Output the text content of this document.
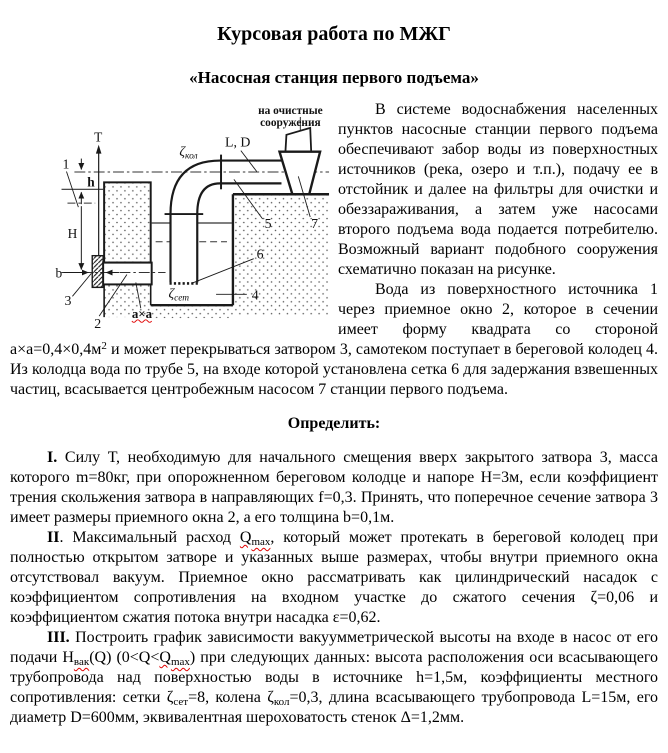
Курсовая работа по МЖГ
«Насосная станция первого подъема»
на очистные
сооружения
T
h
H
b
1
2
3	4
5
6
7
$\zeta_{кол}$
$\zeta_{сет}$
L, D
а×а

В системе водоснабжения населенных пунктов насосные станции первого подъема обеспечивают забор воды из поверхностных источников (река, озеро и т.п.), подачу ее в отстойник и далее на фильтры для очистки и обеззараживания, а затем уже насосами второго подъема вода подается потребителю. Возможный вариант подобного сооружения схематично показан на рисунке.

Вода из поверхностного источника 1 через приемное окно 2, которое в сечении имеет форму квадрата со стороной $а\times а=0,4\times 0,4м^2$ и может перекрываться затвором 3, самотеком поступает в береговой колодец 4. Из колодца вода по трубе 5, на входе которой установлена сетка 6 для задержания взвешенных частиц, всасывается центробежным насосом 7 станции первого подъема.

Определить:

I. Силу Т, необходимую для начального смещения вверх закрытого затвора 3, масса которого m=80кг, при опорожненном береговом колодце и напоре Н=3м, если коэффициент трения скольжения затвора в направляющих f=0,3. Принять, что поперечное сечение затвора 3 имеет размеры приемного окна 2, а его толщина b=0,1м.

II. Максимальный расход $Q_{max}$, который может протекать в береговой колодец при полностью открытом затворе и указанных выше размерах, чтобы внутри приемного окна отсутствовал вакуум. Приемное окно рассматривать как цилиндрический насадок с коэффициентом сопротивления на входном участке до сжатого сечения ζ=0,06 и коэффициентом сжатия потока внутри насадка ε=0,62.

III. Построить график зависимости вакуумметрической высоты на входе в насос от его подачи $H_{вак}(Q)$ $(0<Q<Q_{max})$ при следующих данных: высота расположения оси всасывающего трубопровода над поверхностью воды в источнике h=1,5м, коэффициенты местного сопротивления: сетки $\zeta_{сет}=8$, колена $\zeta_{кол}=0,3$, длина всасывающего трубопровода L=15м, его диаметр D=600мм, эквивалентная шероховатость стенок Δ=1,2мм.
